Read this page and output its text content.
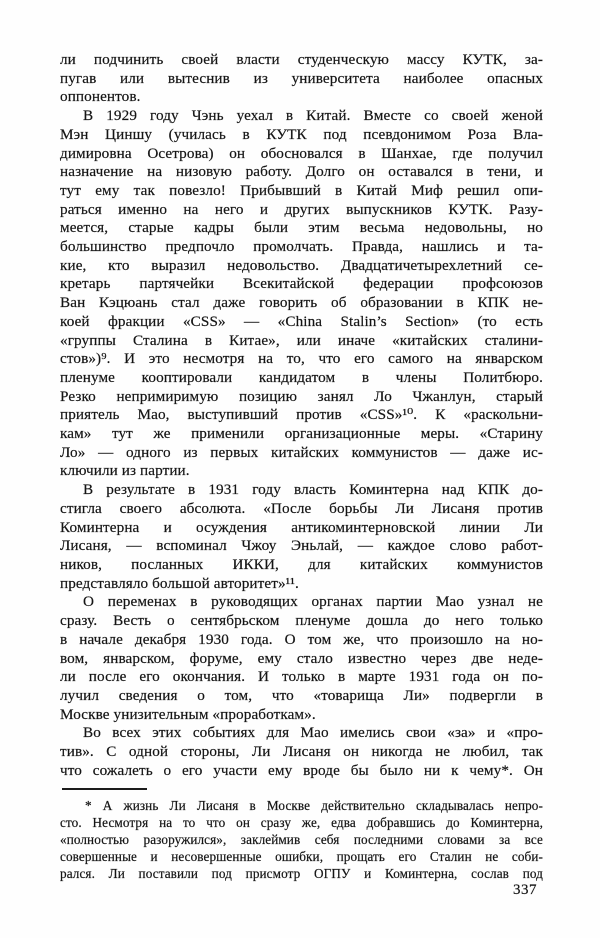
ли подчинить своей власти студенческую массу КУТК, за-
пугав или вытеснив из университета наиболее опасных
оппонентов.
В 1929 году Чэнь уехал в Китай. Вместе со своей женой
Мэн Циншу (училась в КУТК под псевдонимом Роза Вла-
димировна Осетрова) он обосновался в Шанхае, где получил
назначение на низовую работу. Долго он оставался в тени, и
тут ему так повезло! Прибывший в Китай Миф решил опи-
раться именно на него и других выпускников КУТК. Разу-
меется, старые кадры были этим весьма недовольны, но
большинство предпочло промолчать. Правда, нашлись и та-
кие, кто выразил недовольство. Двадцатичетырехлетний се-
кретарь партячейки Всекитайской федерации профсоюзов
Ван Кэцюань стал даже говорить об образовании в КПК не-
коей фракции «CSS» — «China Stalin’s Section» (то есть
«группы Сталина в Китае», или иначе «китайских сталини-
стов»)⁹. И это несмотря на то, что его самого на январском
пленуме кооптировали кандидатом в члены Политбюро.
Резко непримиримую позицию занял Ло Чжанлун, старый
приятель Мао, выступивший против «CSS»¹⁰. К «раскольни-
кам» тут же применили организационные меры. «Старину
Ло» — одного из первых китайских коммунистов — даже ис-
ключили из партии.
В результате в 1931 году власть Коминтерна над КПК до-
стигла своего абсолюта. «После борьбы Ли Лисаня против
Коминтерна и осуждения антикоминтерновской линии Ли
Лисаня, — вспоминал Чжоу Эньлай, — каждое слово работ-
ников, посланных ИККИ, для китайских коммунистов
представляло большой авторитет»¹¹.
О переменах в руководящих органах партии Мао узнал не
сразу. Весть о сентябрьском пленуме дошла до него только
в начале декабря 1930 года. О том же, что произошло на но-
вом, январском, форуме, ему стало известно через две неде-
ли после его окончания. И только в марте 1931 года он по-
лучил сведения о том, что «товарища Ли» подвергли в
Москве унизительным «проработкам».
Во всех этих событиях для Мао имелись свои «за» и «про-
тив». С одной стороны, Ли Лисаня он никогда не любил, так
что сожалеть о его участи ему вроде бы было ни к чему*. Он
* А жизнь Ли Лисаня в Москве действительно складывалась непро-
сто. Несмотря на то что он сразу же, едва добравшись до Коминтерна,
«полностью разоружился», заклеймив себя последними словами за все
совершенные и несовершенные ошибки, прощать его Сталин не соби-
рался. Ли поставили под присмотр ОГПУ и Коминтерна, сослав под
337
